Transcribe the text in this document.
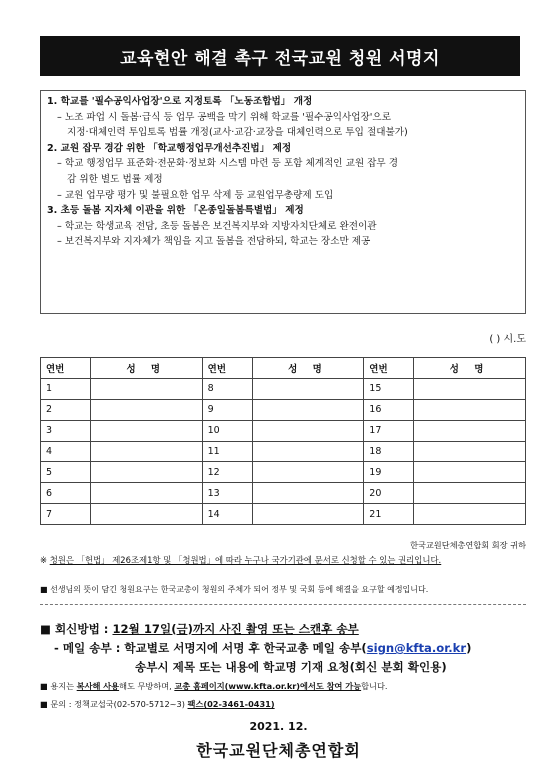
교육현안 해결 촉구 전국교원 청원 서명지
1. 학교를 '필수공익사업장'으로 지정토록 「노동조합법」 개정
– 노조 파업 시 돌봄·급식 등 업무 공백을 막기 위해 학교를 '필수공익사업장'으로
지정·대체인력 투입토록 법률 개정(교사·교감·교장을 대체인력으로 투입 절대불가)
2. 교원 잡무 경감 위한 「학교행정업무개선추진법」 제정
– 학교 행정업무 표준화·전문화·정보화 시스템 마련 등 포함 체계적인 교원 잡무 경
감 위한 별도 법률 제정
– 교원 업무량 평가 및 불필요한 업무 삭제 등 교원업무총량제 도입
3. 초등 돌봄 지자체 이관을 위한 「온종일돌봄특별법」 제정
– 학교는 학생교육 전담, 초등 돌봄은 보건복지부와 지방자치단체로 완전이관
– 보건복지부와 지자체가 책임을 지고 돌봄을 전담하되, 학교는 장소만 제공
( ) 시.도
연번	성 명	연번	성 명	연번	성 명
1		8		15	
2		9		16	
3		10		17	
4		11		18	
5		12		19	
6		13		20	
7		14		21	
한국교원단체총연합회 회장 귀하
※ 청원은 「헌법」 제26조제1항 및 「청원법」에 따라 누구나 국가기관에 문서로 신청할 수 있는 권리입니다.
■ 선생님의 뜻이 담긴 청원요구는 한국교총이 청원의 주체가 되어 정부 및 국회 등에 해결을 요구할 예정입니다.
■ 회신방법 : 12월 17일(금)까지 사진 촬영 또는 스캔후 송부
- 메일 송부 : 학교별로 서명지에 서명 후 한국교총 메일 송부(sign@kfta.or.kr)
송부시 제목 또는 내용에 학교명 기재 요청(회신 분회 확인용)
■ 용지는 복사해 사용해도 무방하며, 교총 홈페이지(www.kfta.or.kr)에서도 참여 가능합니다.
■ 문의 : 정책교섭국(02-570-5712~3) 팩스(02-3461-0431)
2021. 12.
한국교원단체총연합회
